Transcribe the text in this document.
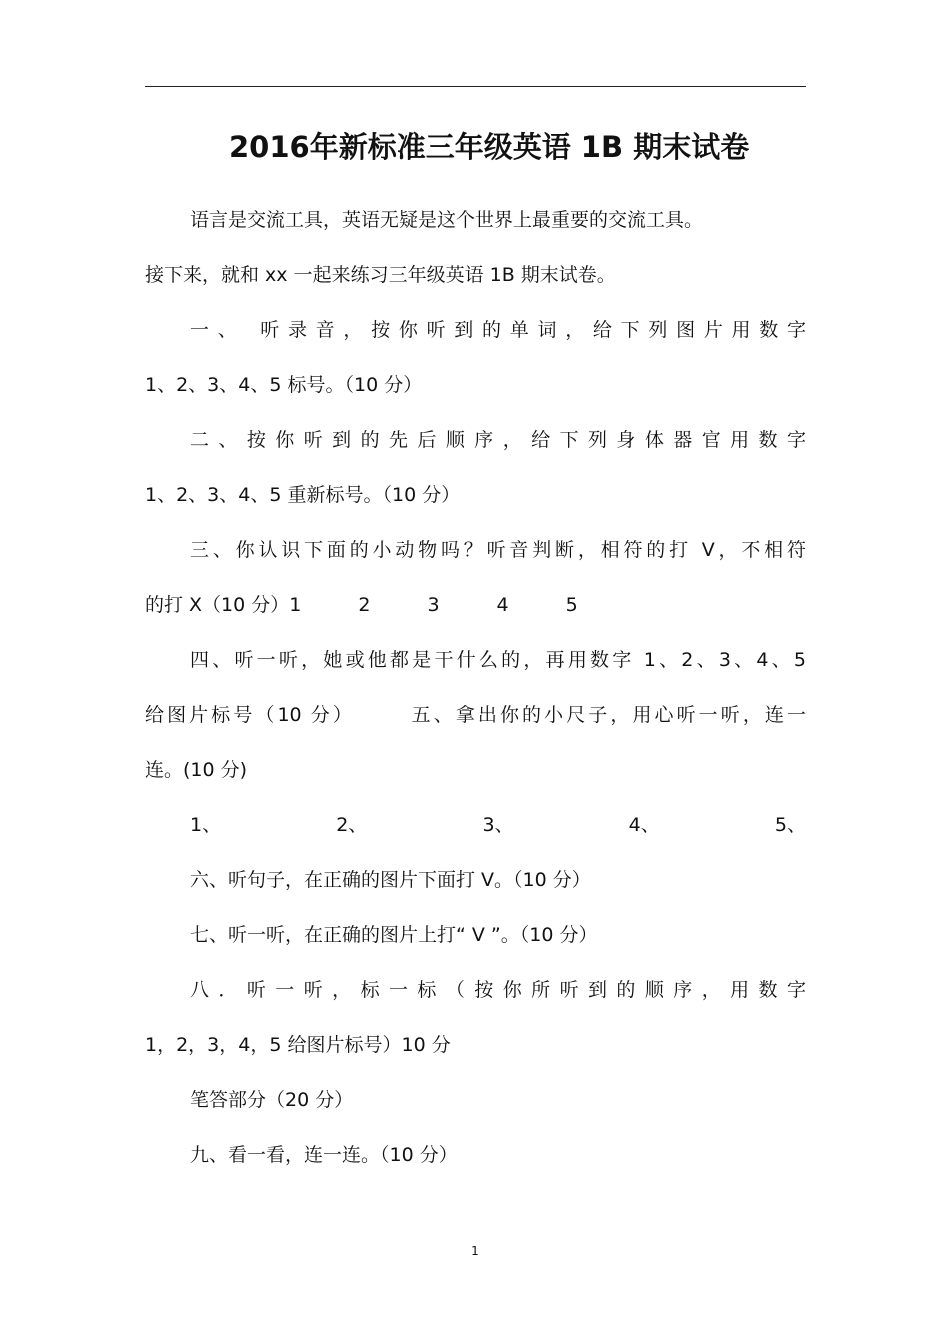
2016年新标准三年级英语 1B 期末试卷
语言是交流工具，英语无疑是这个世界上最重要的交流工具。
接下来，就和 xx 一起来练习三年级英语 1B 期末试卷。
一、 听录音，按你听到的单词，给下列图片用数字
1、2、3、4、5 标号。（10 分）
二、按你听到的先后顺序，给下列身体器官用数字
1、2、3、4、5 重新标号。（10 分）
三、你认识下面的小动物吗？听音判断，相符的打 V，不相符
的打 X（10 分）1　　　2　　　3　　　4　　　5
四、听一听，她或他都是干什么的，再用数字 1、2、3、4、5
给图片标号（10 分）　　　五、拿出你的小尺子，用心听一听，连一
连。(10 分)
1、	2、	3、	4、	5、
六、听句子，在正确的图片下面打 V。（10 分）
七、听一听，在正确的图片上打“ V ”。（10 分）
八．听一听，标一标（按你所听到的顺序，用数字
1，2，3，4，5 给图片标号）10 分
笔答部分（20 分）
九、看一看，连一连。（10 分）
1
